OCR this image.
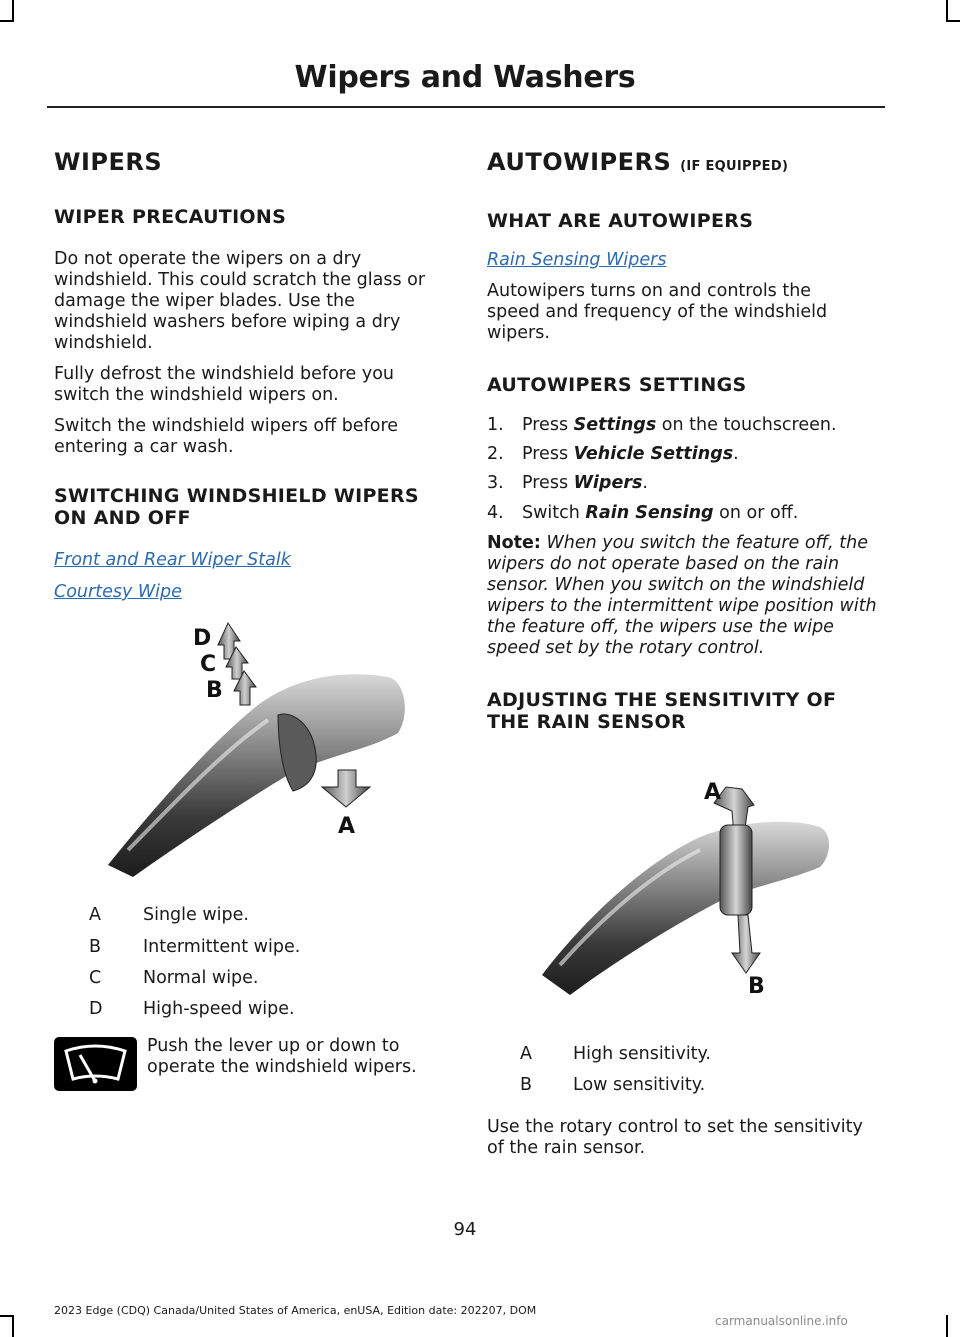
Wipers and Washers
WIPERS
WIPER PRECAUTIONS
Do not operate the wipers on a dry
windshield. This could scratch the glass or
damage the wiper blades. Use the
windshield washers before wiping a dry
windshield.
Fully defrost the windshield before you
switch the windshield wipers on.
Switch the windshield wipers off before
entering a car wash.
SWITCHING WINDSHIELD WIPERS
ON AND OFF
Front and Rear Wiper Stalk
Courtesy Wipe
D
C
B
A
A Single wipe.
B Intermittent wipe.
C Normal wipe.
D High-speed wipe.
Push the lever up or down to
operate the windshield wipers.
AUTOWIPERS (IF EQUIPPED)
WHAT ARE AUTOWIPERS
Rain Sensing Wipers
Autowipers turns on and controls the
speed and frequency of the windshield
wipers.
AUTOWIPERS SETTINGS
1. Press Settings on the touchscreen.
2. Press Vehicle Settings.
3. Press Wipers.
4. Switch Rain Sensing on or off.
Note: When you switch the feature off, the
wipers do not operate based on the rain
sensor. When you switch on the windshield
wipers to the intermittent wipe position with
the feature off, the wipers use the wipe
speed set by the rotary control.
ADJUSTING THE SENSITIVITY OF
THE RAIN SENSOR
A
B
A High sensitivity.
B Low sensitivity.
Use the rotary control to set the sensitivity
of the rain sensor.
94
2023 Edge (CDQ) Canada/United States of America, enUSA, Edition date: 202207, DOM
carmanualsonline.info
